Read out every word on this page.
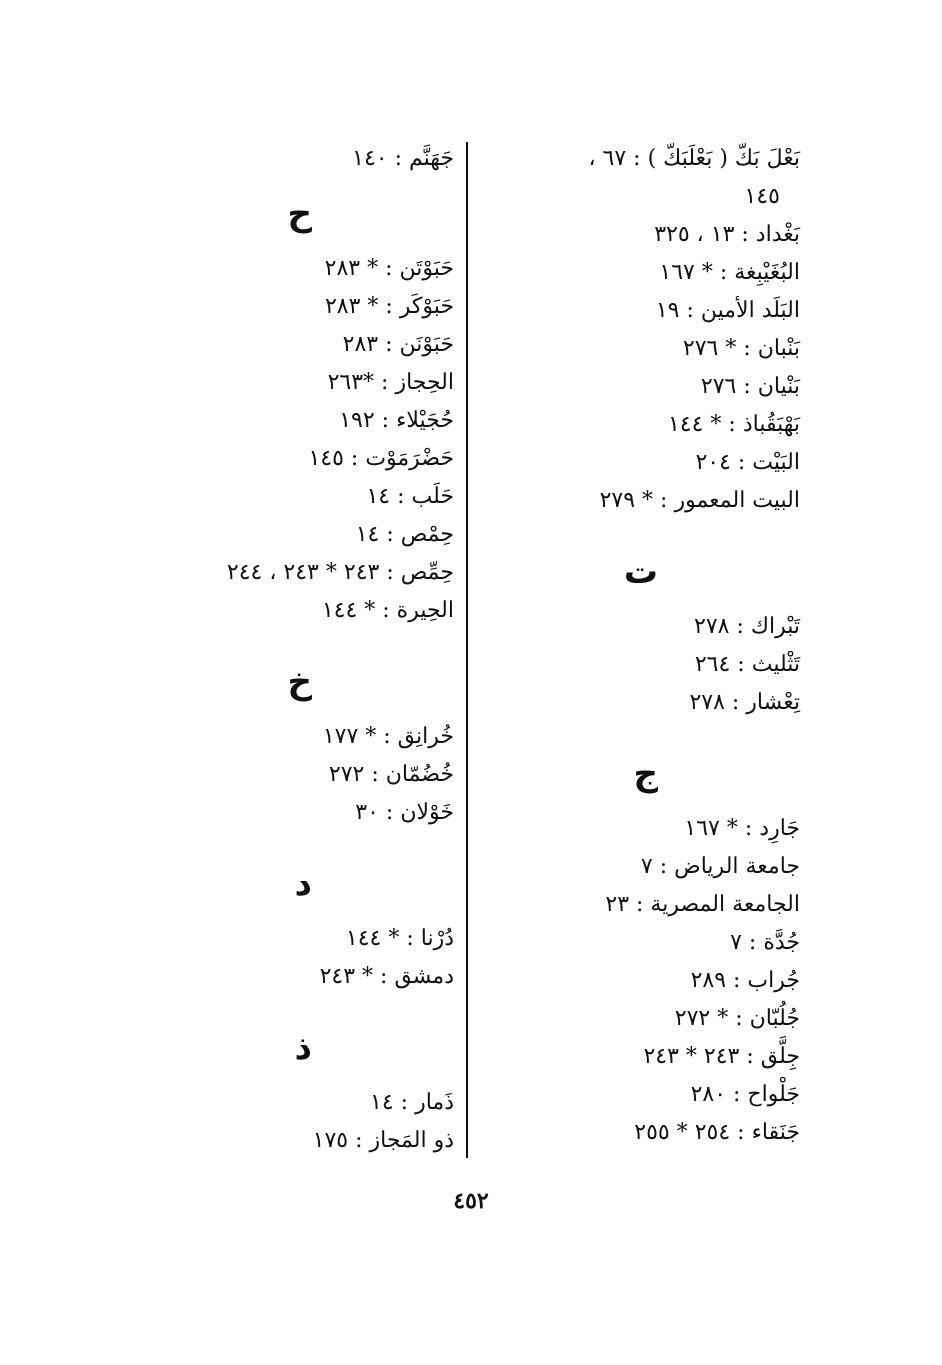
بَعْلَ بَكّ ( بَعْلَبَكّ ) : ٦٧ ،
١٤٥
بَغْداد : ١٣ ، ٣٢٥
البُغَيْبِغة : * ١٦٧
البَلَد الأمين : ١٩
بَنْبان : * ٢٧٦
بَنْيان : ٢٧٦
بَهْبَقُباذ : * ١٤٤
البَيْت : ٢٠٤
البيت المعمور : * ٢٧٩
ت
تَبْراك : ٢٧٨
تَثْليث : ٢٦٤
تِعْشار : ٢٧٨
ج
جَارِد : * ١٦٧
جامعة الرياض : ٧
الجامعة المصرية : ٢٣
جُدَّة : ٧
جُراب : ٢٨٩
جُلُبّان : * ٢٧٢
جِلَّق : ٢٤٣ * ٢٤٣
جَلْواح : ٢٨٠
جَنَقاء : ٢٥٤ * ٢٥٥
جَهَنَّم : ١٤٠
ح
حَبَوْتَن : * ٢٨٣
حَبَوْكَر : * ٢٨٣
حَبَوْنَن : ٢٨٣
الحِجاز : *٢٦٣
حُجَيْلاء : ١٩٢
حَضْرَمَوْت : ١٤٥
حَلَب : ١٤
حِمْص : ١٤
حِمِّص : ٢٤٣ * ٢٤٣ ، ٢٤٤
الحِيرة : * ١٤٤
خ
خُرانِق : * ١٧٧
خُضُمّان : ٢٧٢
خَوْلان : ٣٠
د
دُرْنا : * ١٤٤
دمشق : * ٢٤٣
ذ
ذَمار : ١٤
ذو المَجاز : ١٧٥
٤٥٢
